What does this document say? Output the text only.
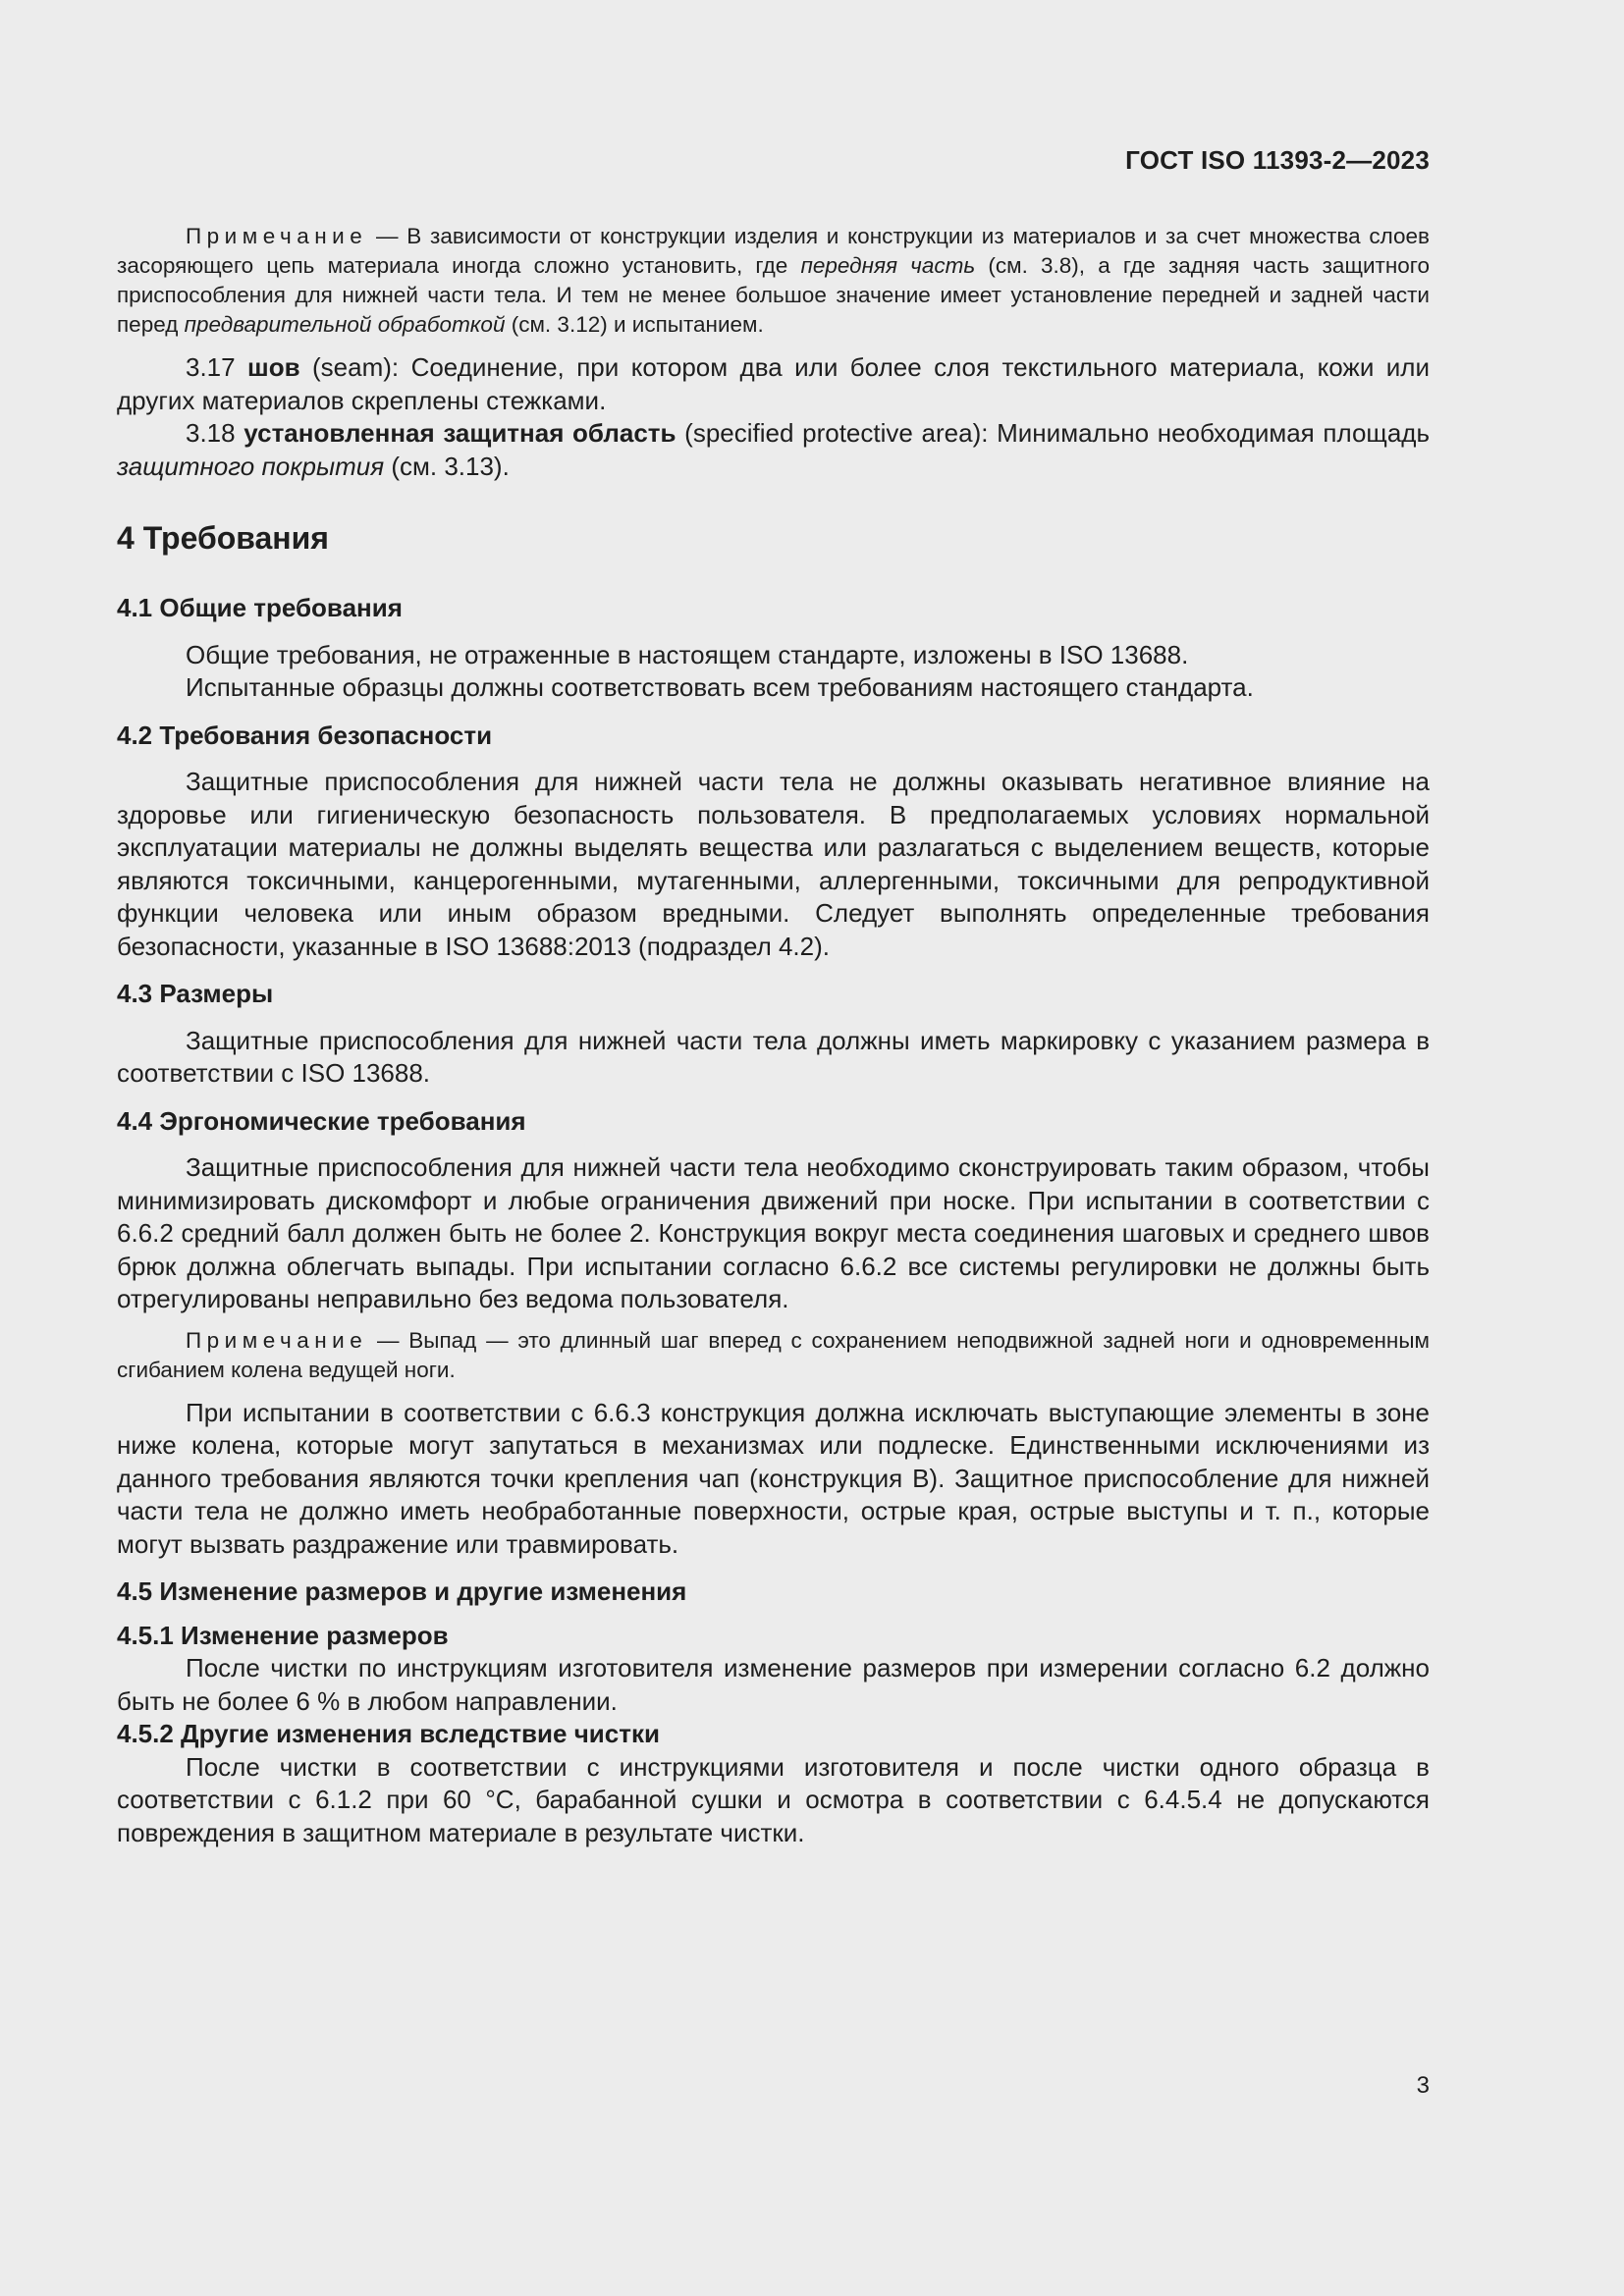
ГОСТ ISO 11393-2—2023

Примечание — В зависимости от конструкции изделия и конструкции из материалов и за счет множества слоев засоряющего цепь материала иногда сложно установить, где передняя часть (см. 3.8), а где задняя часть защитного приспособления для нижней части тела. И тем не менее большое значение имеет установление передней и задней части перед предварительной обработкой (см. 3.12) и испытанием.

3.17 шов (seam): Соединение, при котором два или более слоя текстильного материала, кожи или других материалов скреплены стежками.

3.18 установленная защитная область (specified protective area): Минимально необходимая площадь защитного покрытия (см. 3.13).

4 Требования

4.1 Общие требования

Общие требования, не отраженные в настоящем стандарте, изложены в ISO 13688.

Испытанные образцы должны соответствовать всем требованиям настоящего стандарта.

4.2 Требования безопасности

Защитные приспособления для нижней части тела не должны оказывать негативное влияние на здоровье или гигиеническую безопасность пользователя. В предполагаемых условиях нормальной эксплуатации материалы не должны выделять вещества или разлагаться с выделением веществ, которые являются токсичными, канцерогенными, мутагенными, аллергенными, токсичными для репродуктивной функции человека или иным образом вредными. Следует выполнять определенные требования безопасности, указанные в ISO 13688:2013 (подраздел 4.2).

4.3 Размеры

Защитные приспособления для нижней части тела должны иметь маркировку с указанием размера в соответствии с ISO 13688.

4.4 Эргономические требования

Защитные приспособления для нижней части тела необходимо сконструировать таким образом, чтобы минимизировать дискомфорт и любые ограничения движений при носке. При испытании в соответствии с 6.6.2 средний балл должен быть не более 2. Конструкция вокруг места соединения шаговых и среднего швов брюк должна облегчать выпады. При испытании согласно 6.6.2 все системы регулировки не должны быть отрегулированы неправильно без ведома пользователя.

Примечание — Выпад — это длинный шаг вперед с сохранением неподвижной задней ноги и одновременным сгибанием колена ведущей ноги.

При испытании в соответствии с 6.6.3 конструкция должна исключать выступающие элементы в зоне ниже колена, которые могут запутаться в механизмах или подлеске. Единственными исключениями из данного требования являются точки крепления чап (конструкция B). Защитное приспособление для нижней части тела не должно иметь необработанные поверхности, острые края, острые выступы и т. п., которые могут вызвать раздражение или травмировать.

4.5 Изменение размеров и другие изменения

4.5.1 Изменение размеров

После чистки по инструкциям изготовителя изменение размеров при измерении согласно 6.2 должно быть не более 6 % в любом направлении.

4.5.2 Другие изменения вследствие чистки

После чистки в соответствии с инструкциями изготовителя и после чистки одного образца в соответствии с 6.1.2 при 60 °C, барабанной сушки и осмотра в соответствии с 6.4.5.4 не допускаются повреждения в защитном материале в результате чистки.

3
